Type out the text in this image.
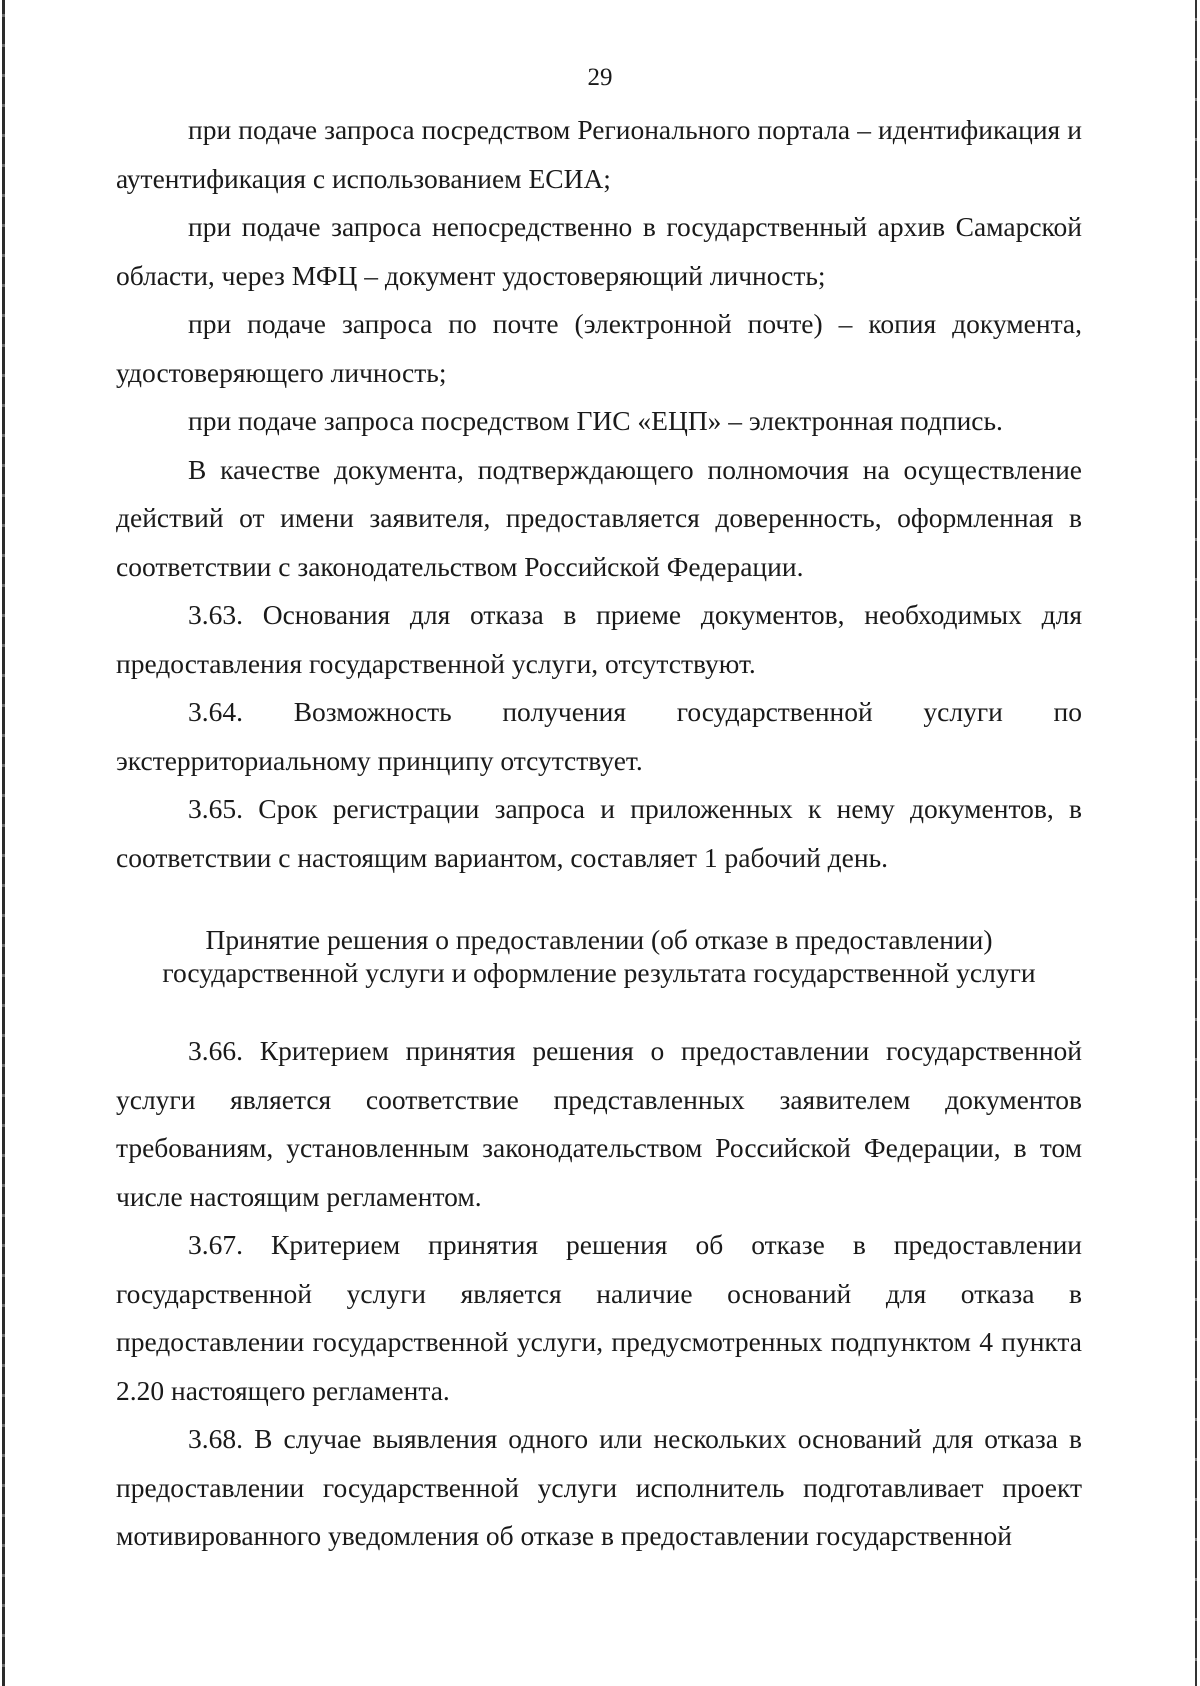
29

при подаче запроса посредством Регионального портала – идентификация и аутентификация с использованием ЕСИА;

при подаче запроса непосредственно в государственный архив Самарской области, через МФЦ – документ удостоверяющий личность;

при подаче запроса по почте (электронной почте) – копия документа, удостоверяющего личность;

при подаче запроса посредством ГИС «ЕЦП» – электронная подпись.

В качестве документа, подтверждающего полномочия на осуществление действий от имени заявителя, предоставляется доверенность, оформленная в соответствии с законодательством Российской Федерации.

3.63. Основания для отказа в приеме документов, необходимых для предоставления государственной услуги, отсутствуют.

3.64. Возможность получения государственной услуги по экстерриториальному принципу отсутствует.

3.65. Срок регистрации запроса и приложенных к нему документов, в соответствии с настоящим вариантом, составляет 1 рабочий день.

Принятие решения о предоставлении (об отказе в предоставлении)
государственной услуги и оформление результата государственной услуги

3.66. Критерием принятия решения о предоставлении государственной услуги является соответствие представленных заявителем документов требованиям, установленным законодательством Российской Федерации, в том числе настоящим регламентом.

3.67. Критерием принятия решения об отказе в предоставлении государственной услуги является наличие оснований для отказа в предоставлении государственной услуги, предусмотренных подпунктом 4 пункта 2.20 настоящего регламента.

3.68. В случае выявления одного или нескольких оснований для отказа в предоставлении государственной услуги исполнитель подготавливает проект мотивированного уведомления об отказе в предоставлении государственной
